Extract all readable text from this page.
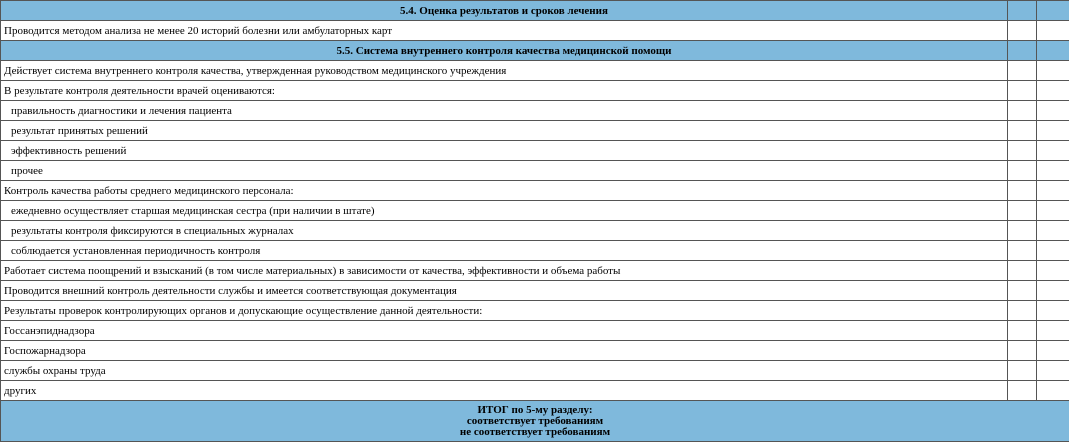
5.4. Оценка результатов и сроков лечения		
Проводится методом анализа не менее 20 историй болезни или амбулаторных карт		
5.5. Система внутреннего контроля качества медицинской помощи		
Действует система внутреннего контроля качества, утвержденная руководством медицинского учреждения		
В результате контроля деятельности врачей оцениваются:		
правильность диагностики и лечения пациента		
результат принятых решений		
эффективность решений		
прочее		
Контроль качества работы среднего медицинского персонала:		
ежедневно осуществляет старшая медицинская сестра (при наличии в штате)		
результаты контроля фиксируются в специальных журналах		
соблюдается установленная периодичность контроля		
Работает система поощрений и взысканий (в том числе материальных) в зависимости от качества, эффективности и объема работы		
Проводится внешний контроль деятельности службы и имеется соответствующая документация		
Результаты проверок контролирующих органов и допускающие осуществление данной деятельности:		
Госсанэпиднадзора		
Госпожарнадзора		
службы охраны труда		
других		

ИТОГ по 5-му разделу:
соответствует требованиям
не соответствует требованиям		
